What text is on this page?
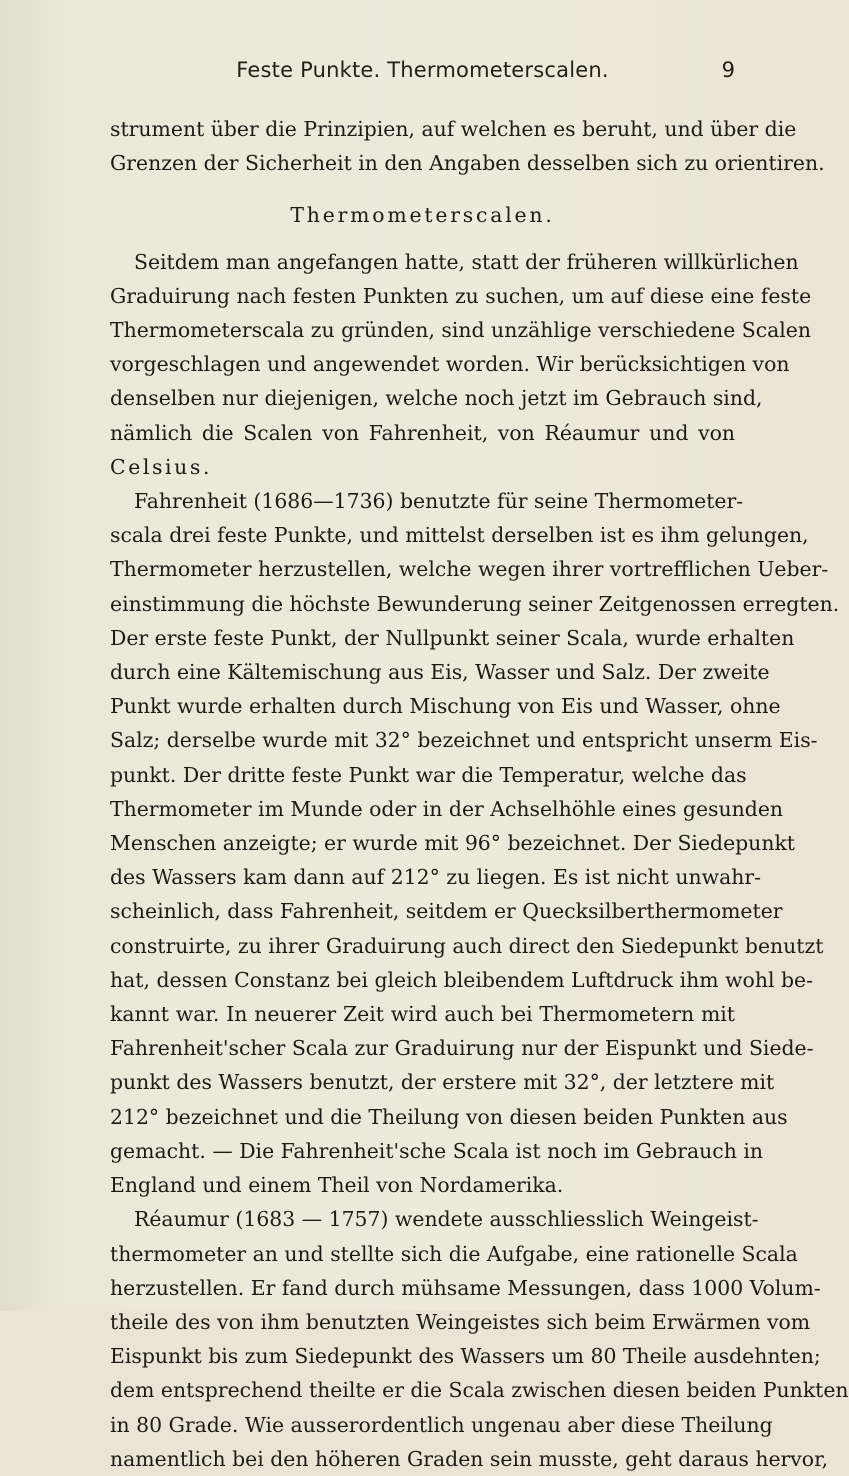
Feste Punkte. Thermometerscalen.	9
strument über die Prinzipien, auf welchen es beruht, und über die
Grenzen der Sicherheit in den Angaben desselben sich zu orientiren.
Thermometerscalen.
Seitdem man angefangen hatte, statt der früheren willkürlichen
Graduirung nach festen Punkten zu suchen, um auf diese eine feste
Thermometerscala zu gründen, sind unzählige verschiedene Scalen
vorgeschlagen und angewendet worden. Wir berücksichtigen von
denselben nur diejenigen, welche noch jetzt im Gebrauch sind,
nämlich die Scalen von Fahrenheit, von Réaumur und von
Celsius.
Fahrenheit (1686—1736) benutzte für seine Thermometer-
scala drei feste Punkte, und mittelst derselben ist es ihm gelungen,
Thermometer herzustellen, welche wegen ihrer vortrefflichen Ueber-
einstimmung die höchste Bewunderung seiner Zeitgenossen erregten.
Der erste feste Punkt, der Nullpunkt seiner Scala, wurde erhalten
durch eine Kältemischung aus Eis, Wasser und Salz. Der zweite
Punkt wurde erhalten durch Mischung von Eis und Wasser, ohne
Salz; derselbe wurde mit 32° bezeichnet und entspricht unserm Eis-
punkt. Der dritte feste Punkt war die Temperatur, welche das
Thermometer im Munde oder in der Achselhöhle eines gesunden
Menschen anzeigte; er wurde mit 96° bezeichnet. Der Siedepunkt
des Wassers kam dann auf 212° zu liegen. Es ist nicht unwahr-
scheinlich, dass Fahrenheit, seitdem er Quecksilberthermometer
construirte, zu ihrer Graduirung auch direct den Siedepunkt benutzt
hat, dessen Constanz bei gleich bleibendem Luftdruck ihm wohl be-
kannt war. In neuerer Zeit wird auch bei Thermometern mit
Fahrenheit'scher Scala zur Graduirung nur der Eispunkt und Siede-
punkt des Wassers benutzt, der erstere mit 32°, der letztere mit
212° bezeichnet und die Theilung von diesen beiden Punkten aus
gemacht. — Die Fahrenheit'sche Scala ist noch im Gebrauch in
England und einem Theil von Nordamerika.
Réaumur (1683 — 1757) wendete ausschliesslich Weingeist-
thermometer an und stellte sich die Aufgabe, eine rationelle Scala
herzustellen. Er fand durch mühsame Messungen, dass 1000 Volum-
theile des von ihm benutzten Weingeistes sich beim Erwärmen vom
Eispunkt bis zum Siedepunkt des Wassers um 80 Theile ausdehnten;
dem entsprechend theilte er die Scala zwischen diesen beiden Punkten
in 80 Grade. Wie ausserordentlich ungenau aber diese Theilung
namentlich bei den höheren Graden sein musste, geht daraus hervor,
